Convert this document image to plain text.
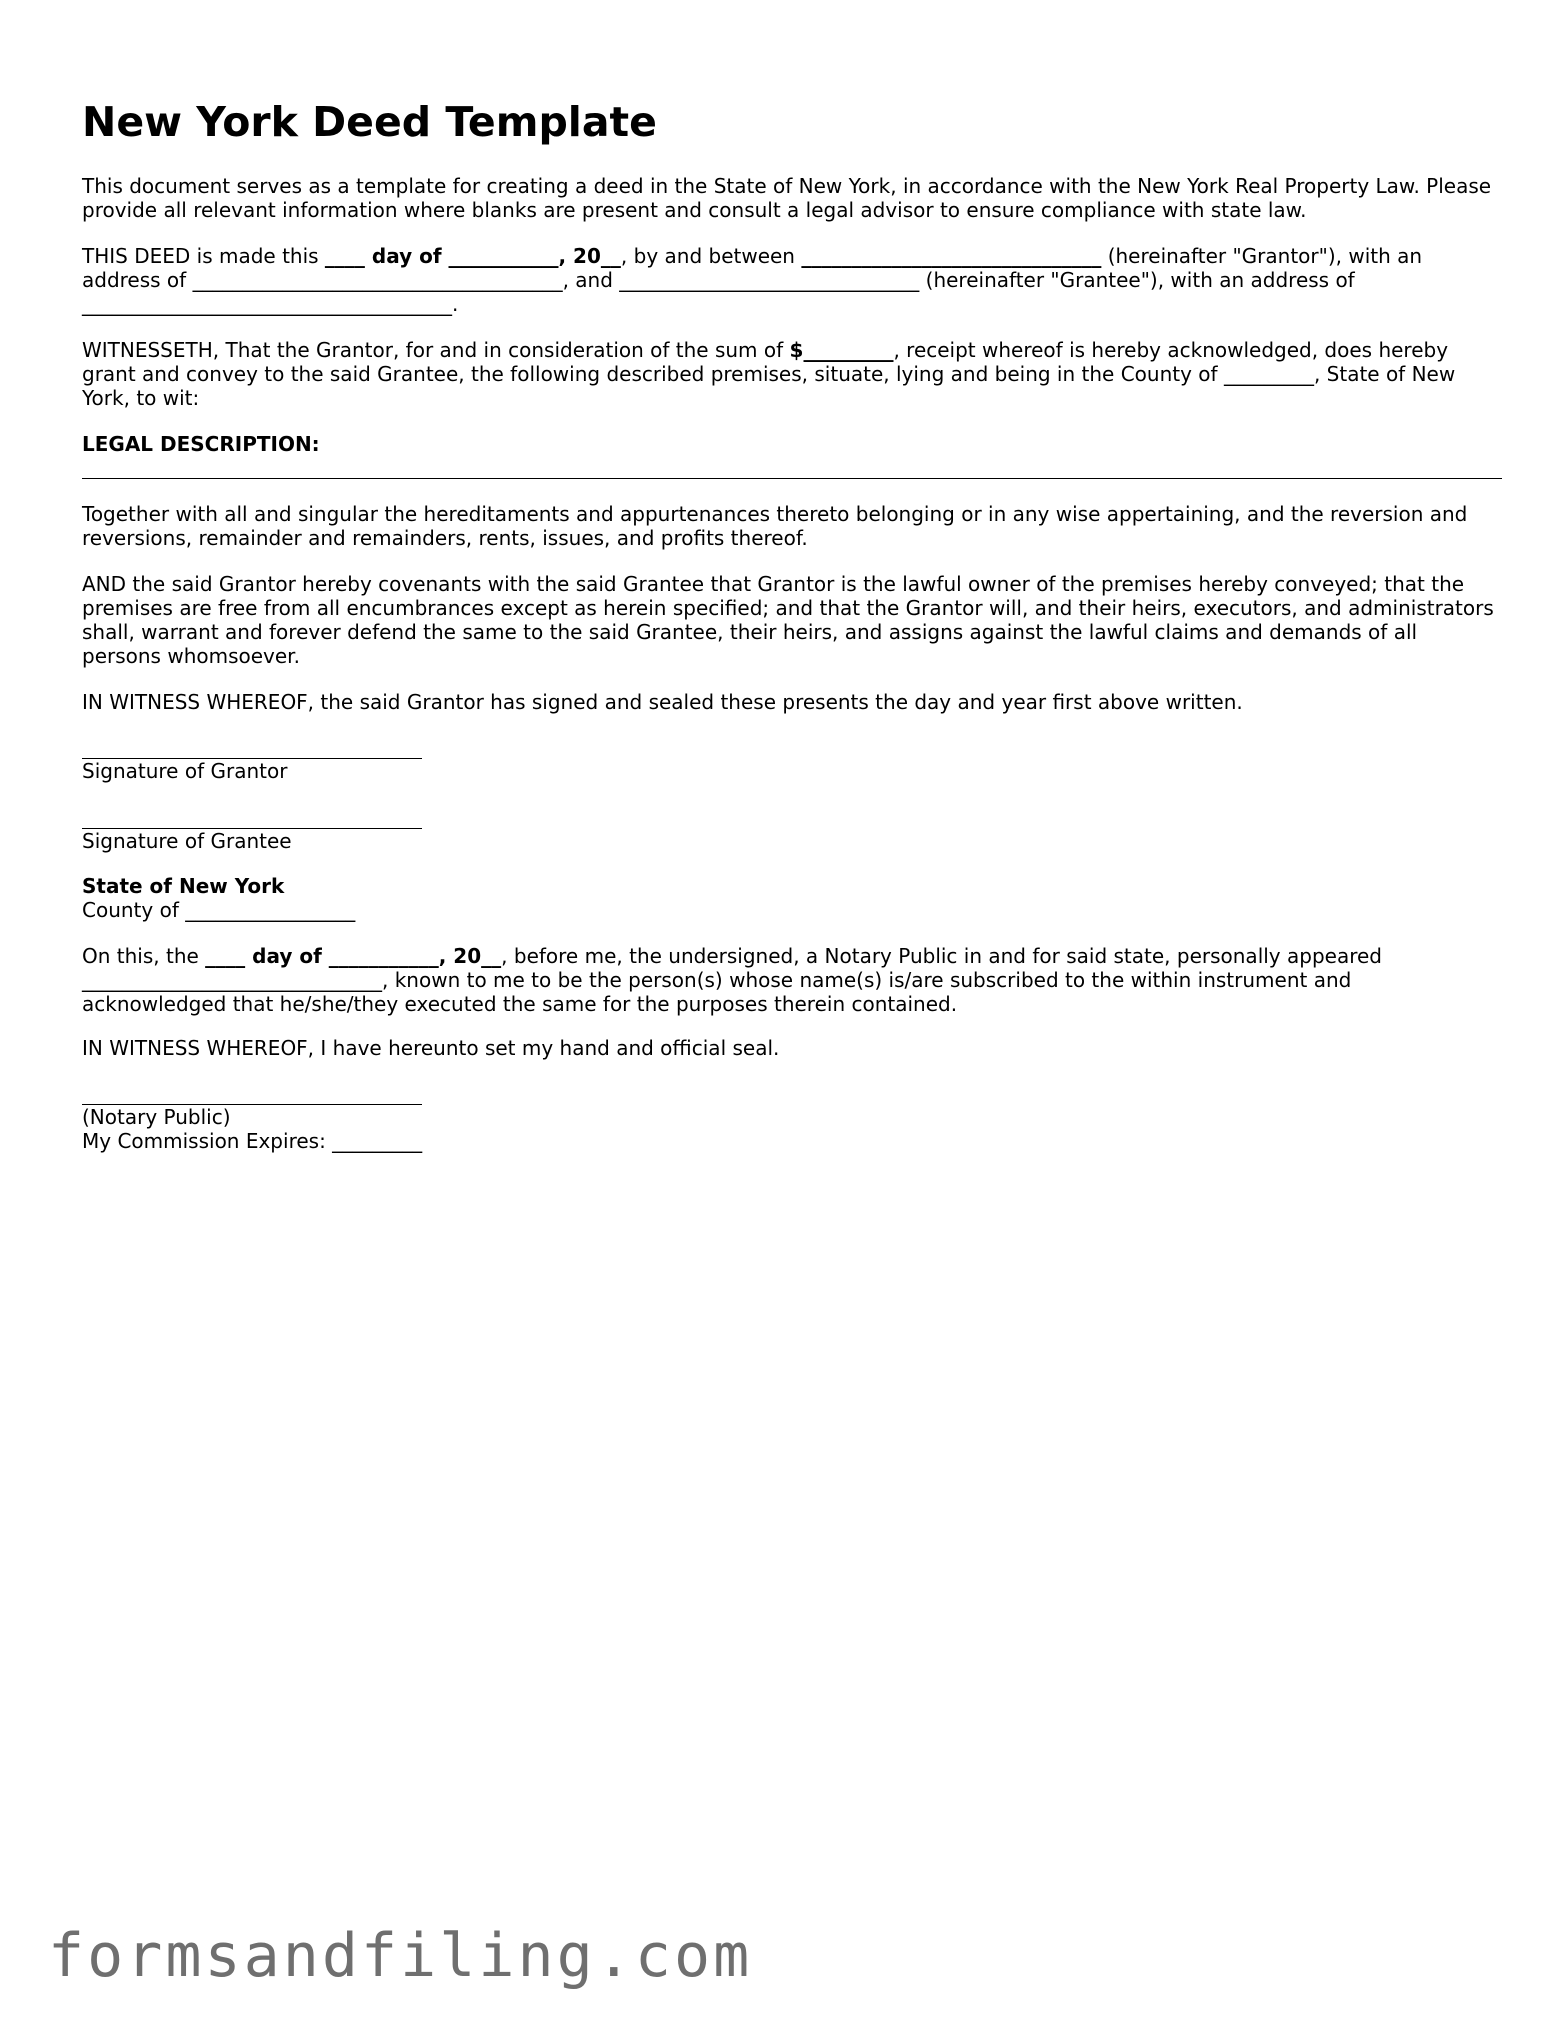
New York Deed Template

This document serves as a template for creating a deed in the State of New York, in accordance with the New York Real Property Law. Please provide all relevant information where blanks are present and consult a legal advisor to ensure compliance with state law.

THIS DEED is made this ____ day of ___________, 20__, by and between ______________________________ (hereinafter "Grantor"), with an address of _____________________________________, and ______________________________ (hereinafter "Grantee"), with an address of _____________________________________.

WITNESSETH, That the Grantor, for and in consideration of the sum of $_________, receipt whereof is hereby acknowledged, does hereby grant and convey to the said Grantee, the following described premises, situate, lying and being in the County of _________, State of New York, to wit:

LEGAL DESCRIPTION:

Together with all and singular the hereditaments and appurtenances thereto belonging or in any wise appertaining, and the reversion and reversions, remainder and remainders, rents, issues, and profits thereof.

AND the said Grantor hereby covenants with the said Grantee that Grantor is the lawful owner of the premises hereby conveyed; that the premises are free from all encumbrances except as herein specified; and that the Grantor will, and their heirs, executors, and administrators shall, warrant and forever defend the same to the said Grantee, their heirs, and assigns against the lawful claims and demands of all persons whomsoever.

IN WITNESS WHEREOF, the said Grantor has signed and sealed these presents the day and year first above written.

Signature of Grantor
Signature of Grantee

State of New York

County of _________________

On this, the ____ day of ___________, 20__, before me, the undersigned, a Notary Public in and for said state, personally appeared ______________________________, known to me to be the person(s) whose name(s) is/are subscribed to the within instrument and acknowledged that he/she/they executed the same for the purposes therein contained.

IN WITNESS WHEREOF, I have hereunto set my hand and official seal.

(Notary Public)
My Commission Expires: _________
formsandfiling.com
